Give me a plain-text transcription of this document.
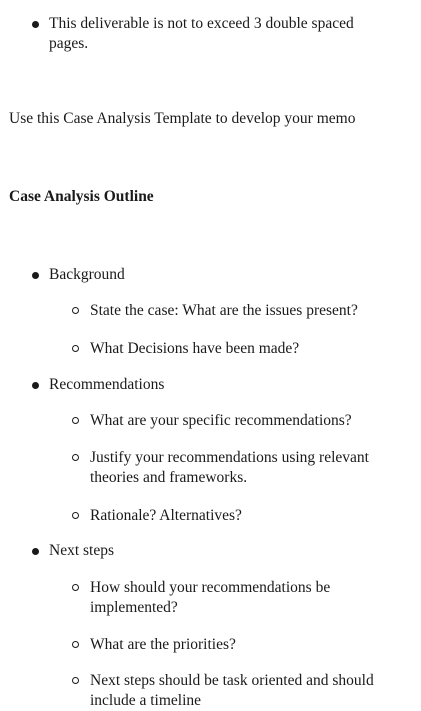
This deliverable is not to exceed 3 double spaced pages.
Use this Case Analysis Template to develop your memo
Case Analysis Outline
Background
State the case: What are the issues present?
What Decisions have been made?
Recommendations
What are your specific recommendations?
Justify your recommendations using relevant theories and frameworks.
Rationale? Alternatives?
Next steps
How should your recommendations be implemented?
What are the priorities?
Next steps should be task oriented and should include a timeline
